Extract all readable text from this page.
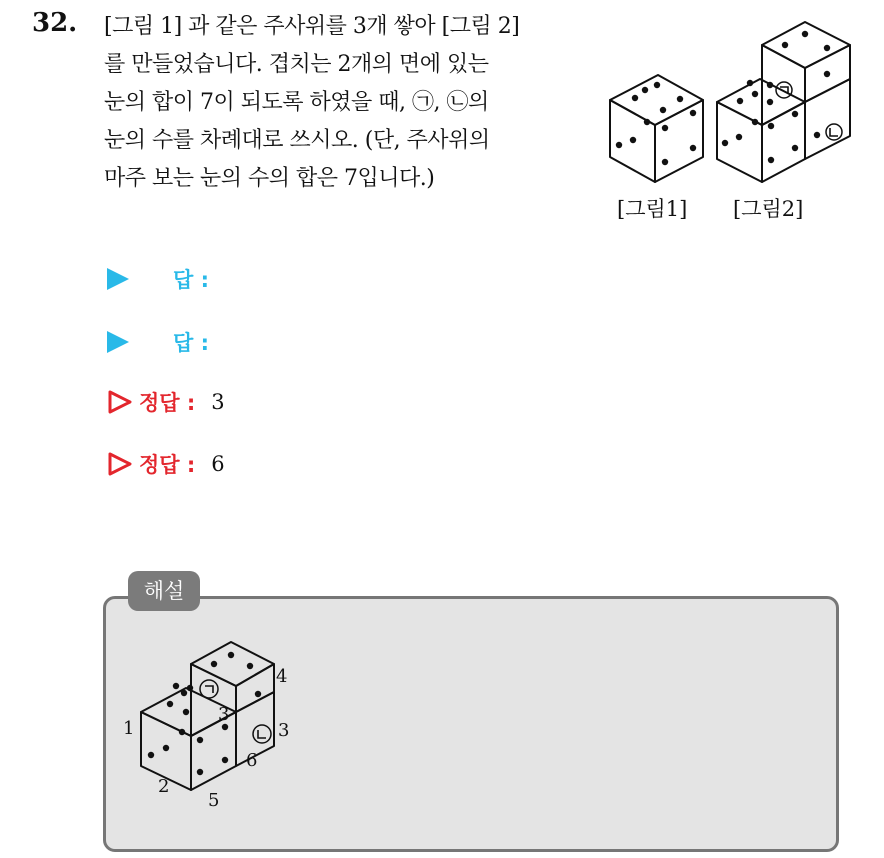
32. [그림 1] 과 같은 주사위를 3개 쌓아 [그림 2]
를 만들었습니다. 겹치는 2개의 면에 있는
눈의 합이 7이 되도록 하였을 때, ㉠, ㉡의
눈의 수를 차례대로 쓰시오. (단, 주사위의
마주 보는 눈의 수의 합은 7입니다.)
[그림1] [그림2]
답 :
답 :
정답 : 3
정답 : 6
해설
4
1
3
3
6
2
5
